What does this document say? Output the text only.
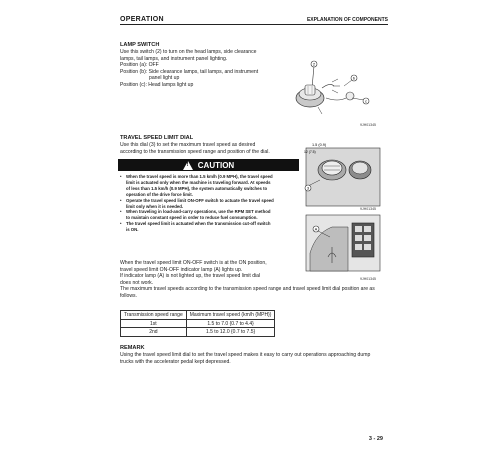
OPERATION	EXPLANATION OF COMPONENTS
LAMP SWITCH
Use this switch (2) to turn on the head lamps, side clearance
lamps, tail lamps, and instrument panel lighting.
Position (a): OFF
Position (b): Side clearance lamps, tail lamps, and instrument
panel light up
Position (c): Head lamps light up
2
b
c
9JH01345
TRAVEL SPEED LIMIT DIAL
Use this dial (3) to set the maximum travel speed as desired
according to the transmission speed range and position of the dial.
! CAUTION
• When the travel speed is more than 1.5 km/h (0.9 MPH), the travel speed
limit is actuated only when the machine is traveling forward. At speeds
of less than 1.5 km/h (0.9 MPH), the system automatically switches to
operation of the drive force limit.
• Operate the travel speed limit ON-OFF switch to actuate the travel speed
limit only when it is needed.
• When traveling in load-and-carry operations, use the RPM SET method
to maintain constant speed in order to reduce fuel consumption.
• The travel speed limit is actuated when the transmission cut-off switch
is ON.
1.5 (0.9)
12 (7.5)
3
9JH01345
A
9JH01345
When the travel speed limit ON-OFF switch is at the ON position,
travel speed limit ON-OFF indicator lamp (A) lights up.
If indicator lamp (A) is not lighted up, the travel speed limit dial
does not work.
The maximum travel speeds according to the transmission speed range and travel speed limit dial position are as
follows.
Transmission speed range	Maximum travel speed (km/h {MPH})
1st	1.5 to 7.0 {0.7 to 4.4}
2nd	1.5 to 12.0 {0.7 to 7.5}
REMARK
Using the travel speed limit dial to set the travel speed makes it easy to carry out operations approaching dump
trucks with the accelerator pedal kept depressed.
3 - 29
